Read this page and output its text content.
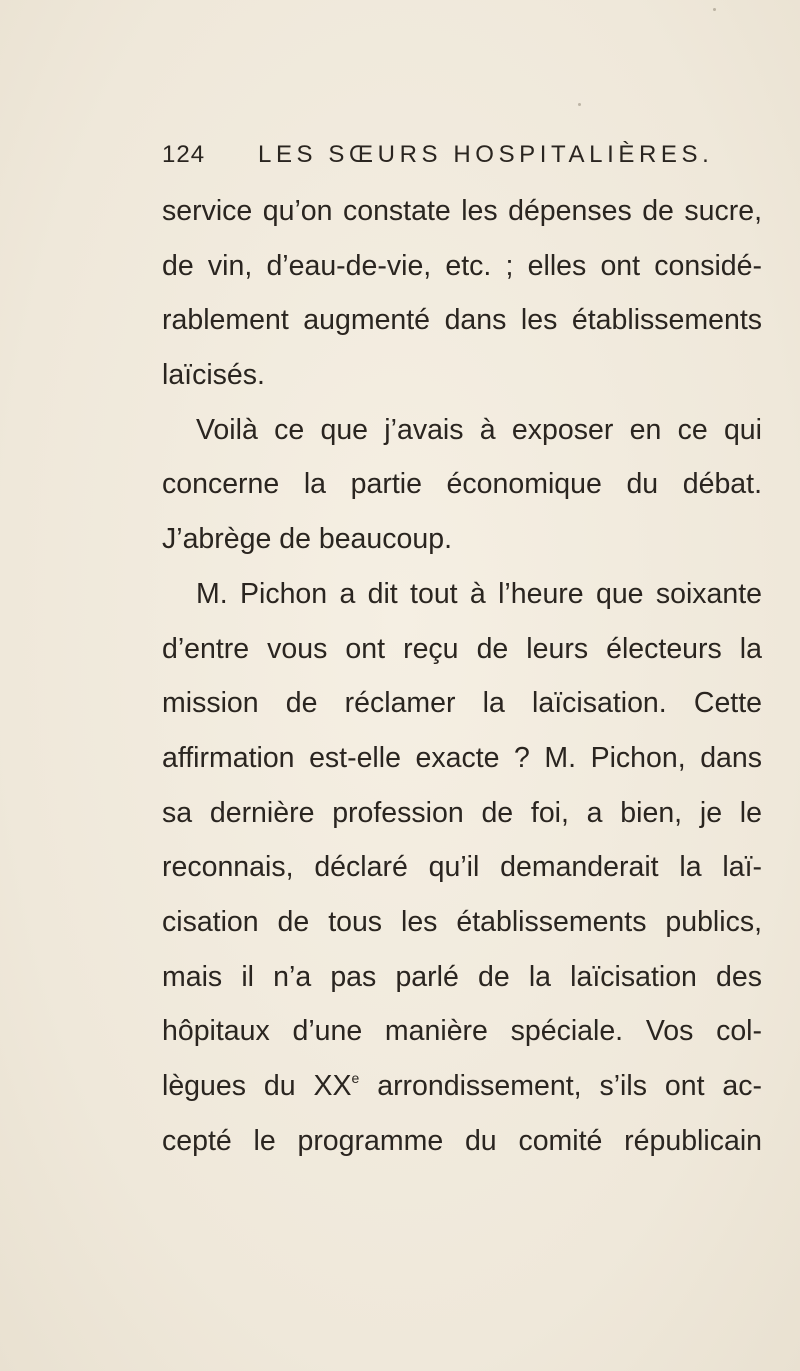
124 LES SŒURS HOSPITALIÈRES.
service qu’on constate les dépenses de sucre,
de vin, d’eau-de-vie, etc. ; elles ont considé-
rablement augmenté dans les établissements
laïcisés.
Voilà ce que j’avais à exposer en ce qui
concerne la partie économique du débat.
J’abrège de beaucoup.
M. Pichon a dit tout à l’heure que soixante
d’entre vous ont reçu de leurs électeurs la
mission de réclamer la laïcisation. Cette
affirmation est-elle exacte ? M. Pichon, dans
sa dernière profession de foi, a bien, je le
reconnais, déclaré qu’il demanderait la laï-
cisation de tous les établissements publics,
mais il n’a pas parlé de la laïcisation des
hôpitaux d’une manière spéciale. Vos col-
lègues du XXe arrondissement, s’ils ont ac-
cepté le programme du comité républicain
